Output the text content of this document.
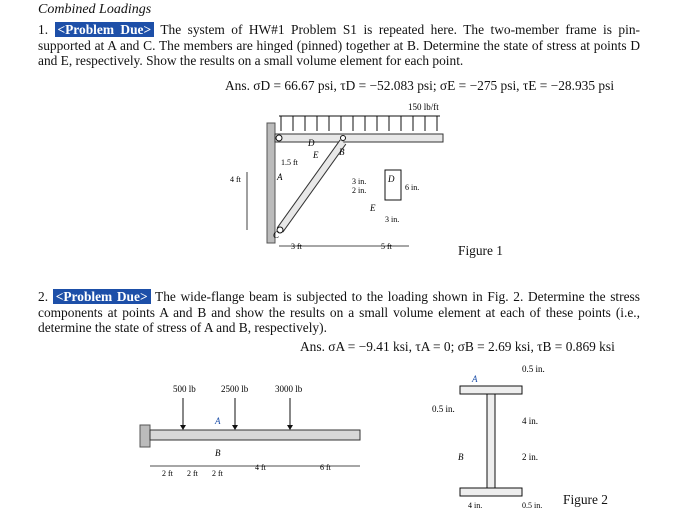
Combined Loadings
1. <Problem Due> The system of HW#1 Problem S1 is repeated here. The two-member frame is pin-supported at A and C. The members are hinged (pinned) together at B. Determine the state of stress at points D and E, respectively. Show the results on a small volume element for each point.
Ans. σD = 66.67 psi, τD = −52.083 psi; σE = −275 psi, τE = −28.935 psi
150 lb/ft
A
B
C
D
E
1.5 ft
4 ft
3 ft	5 ft
D
3 in.
2 in.	6 in.
E
3 in.
Figure 1
2. <Problem Due> The wide-flange beam is subjected to the loading shown in Fig. 2. Determine the stress components at points A and B and show the results on a small volume element at each of these points (i.e., determine the state of stress of A and B, respectively).
Ans. σA = −9.41 ksi, τA = 0; σB = 2.69 ksi, τB = 0.869 ksi
500 lb	2500 lb	3000 lb
A
B
2 ft 2 ft 2 ft
4 ft	6 ft
0.5 in.
A
0.5 in.
4 in.
2 in.
B
4 in.	0.5 in. Figure 2
